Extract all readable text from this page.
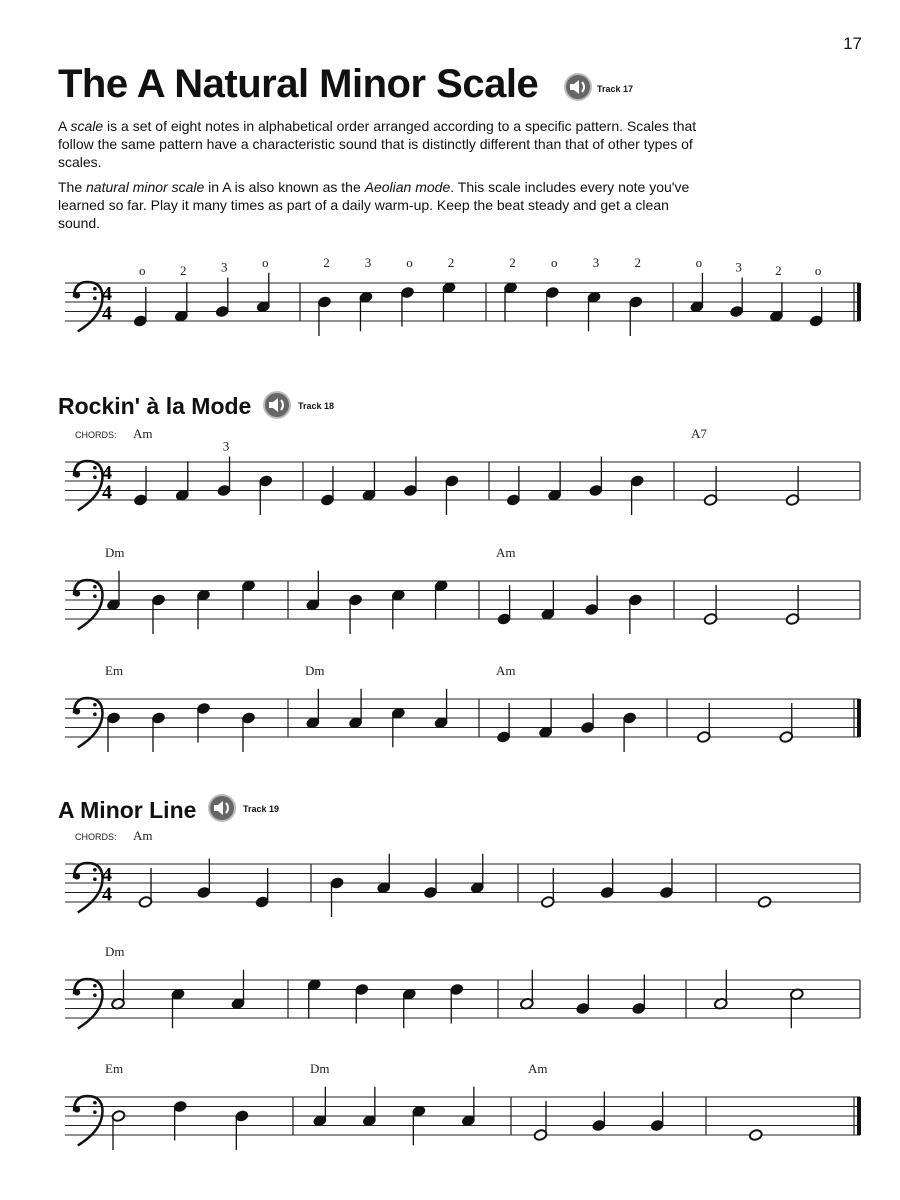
17
The A Natural Minor Scale	Track 17

A scale is a set of eight notes in alphabetical order arranged according to a specific pattern. Scales that follow the same pattern have a characteristic sound that is distinctly different than that of other types of scales.

The natural minor scale in A is also known as the Aeolian mode. This scale includes every note you've learned so far. Play it many times as part of a daily warm-up. Keep the beat steady and get a clean sound.

Rockin' à la Mode	Track 18
A Minor Line	Track 19
4
4
o	2	3	o	2	3	o	2	2	o	3	2	o	3	2	o
4
4
CHORDS: Am
3
A7
Dm	Am
Em	Dm	Am
4
4
CHORDS: Am
Dm
Em	Dm	Am
